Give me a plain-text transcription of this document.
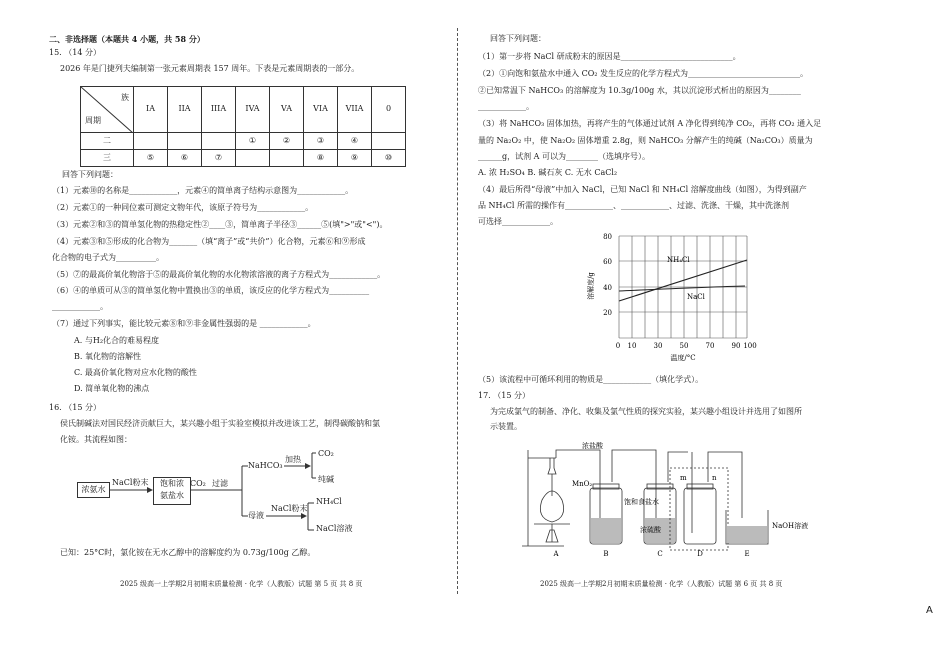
二、非选择题（本题共 4 小题，共 58 分）
15. （14 分）
2026 年是门捷列夫编制第一张元素周期表 157 周年。下表是元素周期表的一部分。
族
周期	IA	IIA	IIIA	IVA	VA	VIA	VIIA	0
二				①	②	③	④	
三	⑤	⑥	⑦			⑧	⑨	⑩
回答下列问题：
（1）元素⑩的名称是____________，元素④的简单离子结构示意图为____________。
（2）元素①的一种同位素可测定文物年代，该原子符号为____________。
（3）元素②和③的简单氢化物的热稳定性②____③，简单离子半径③______⑤(填">"或"<")。
（4）元素③和⑤形成的化合物为_______（填“离子”或“共价”）化合物，元素⑥和⑨形成
化合物的电子式为__________。
（5）⑦的最高价氧化物溶于⑤的最高价氧化物的水化物浓溶液的离子方程式为____________。
（6）④的单质可从③的简单氢化物中置换出③的单质，该反应的化学方程式为__________
____________。
（7）通过下列事实，能比较元素⑧和⑨非金属性强弱的是 ____________。
A. 与H₂化合的难易程度
B. 氧化物的溶解性
C. 最高价氧化物对应水化物的酸性
D. 简单氧化物的沸点
16. （15 分）
侯氏制碱法对国民经济贡献巨大，某兴趣小组于实验室模拟并改进该工艺，制得碳酸钠和氯
化铵。其流程如图：
浓氨水
NaCl粉末	饱和浓
氨盐水
CO₂ 过滤
NaHCO₃
加热
CO₂
纯碱
母液
NaCl粉末
NH₄Cl
NaCl溶液
已知：25°C时，氯化铵在无水乙醇中的溶解度约为 0.73g/100g 乙醇。
2025 级高一上学期2月初期末质量检测 · 化学（人教版）试题 第 5 页 共 8 页
回答下列问题：
（1）第一步将 NaCl 研成粉末的原因是____________________________。
（2）①向饱和氨盐水中通入 CO₂ 发生反应的化学方程式为____________________________。
②已知常温下 NaHCO₃ 的溶解度为 10.3g/100g 水，其以沉淀形式析出的原因为________
____________。
（3）将 NaHCO₃ 固体加热，再将产生的气体通过试剂 A 净化得到纯净 CO₂，再将 CO₂ 通入足
量的 Na₂O₂ 中，使 Na₂O₂ 固体增重 2.8g，则 NaHCO₃ 分解产生的纯碱（Na₂CO₃）质量为
______g，试剂 A 可以为________（选填序号）。
A. 浓 H₂SO₄ B. 碱石灰 C. 无水 CaCl₂
（4）最后所得“母液”中加入 NaCl，已知 NaCl 和 NH₄Cl 溶解度曲线（如图），为得到副产
品 NH₄Cl 所需的操作有____________、____________、过滤、洗涤、干燥，其中洗涤剂
可选择____________。
80
60
40
20
0 10 30 50 70 90 100
温度/°C
溶解度/g
NH₄Cl
NaCl
（5）该流程中可循环利用的物质是____________（填化学式）。
17. （15 分）
为完成氯气的制备、净化、收集及氯气性质的探究实验，某兴趣小组设计并选用了如图所
示装置。
浓盐酸
MnO₂
饱和食盐水
浓硫酸
m	n
NaOH溶液
A	B	C	D	E
2025 级高一上学期2月初期末质量检测 · 化学（人教版）试题 第 6 页 共 8 页
A
